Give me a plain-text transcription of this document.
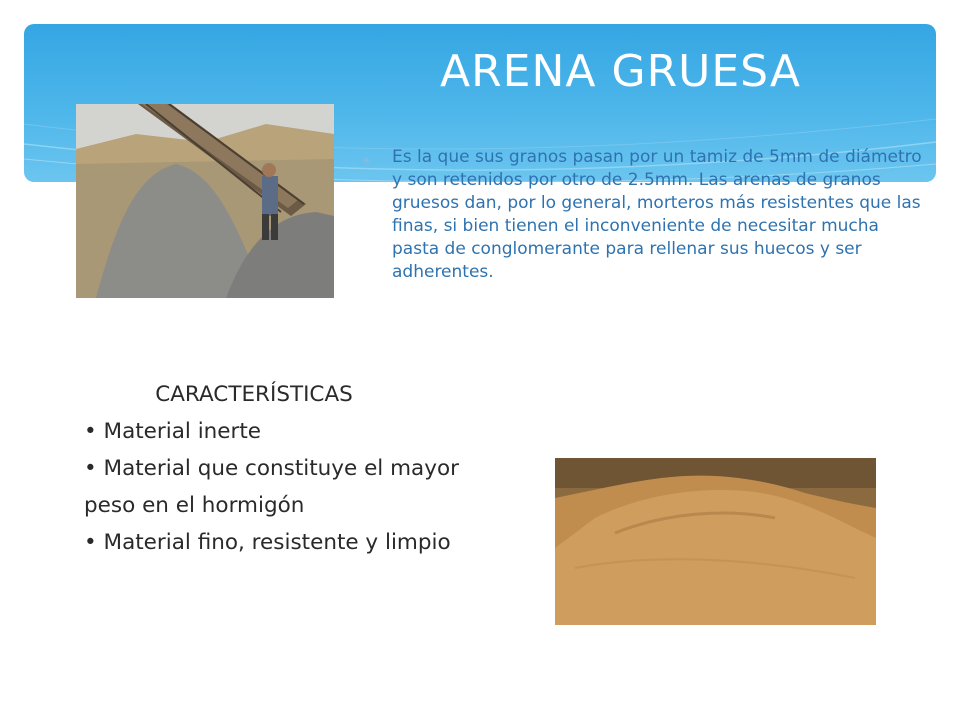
ARENA GRUESA
✳ Es la que sus granos pasan por un tamiz de 5mm de diámetro y son retenidos por otro de 2.5mm. Las arenas de granos gruesos dan, por lo general, morteros más resistentes que las finas, si bien tienen el inconveniente de necesitar mucha pasta de conglomerante para rellenar sus huecos y ser adherentes.
CARACTERÍSTICAS
• Material inerte
• Material que constituye el mayor peso en el hormigón
• Material fino, resistente y limpio
